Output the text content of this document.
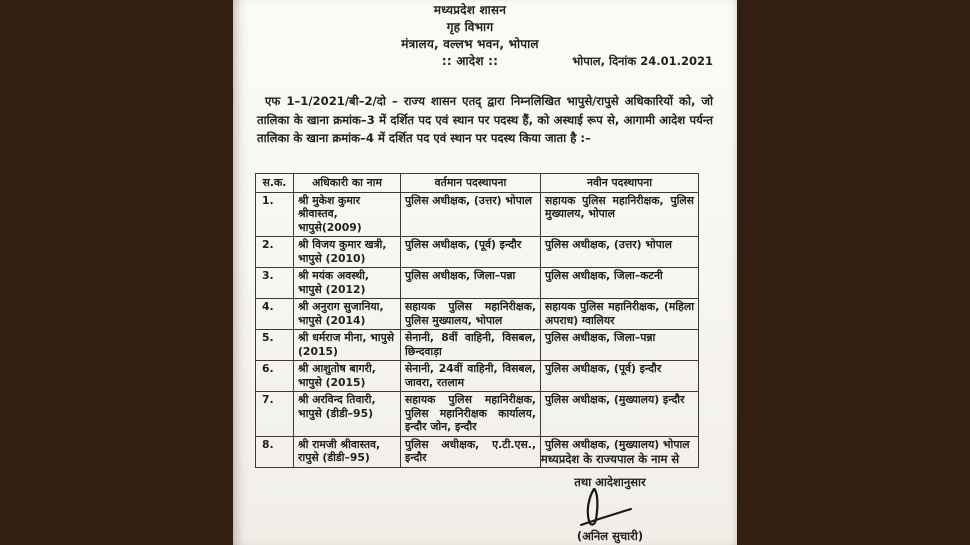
मध्यप्रदेश शासन
गृह विभाग
मंत्रालय, वल्लभ भवन, भोपाल
:: आदेश ::	भोपाल, दिनांक 24.01.2021

एफ 1–1/2021/बी–2/दो – राज्य शासन एतद् द्वारा निम्नलिखित भापुसे/रापुसे अधिकारियों को, जो तालिका के खाना क्रमांक–3 में दर्शित पद एवं स्थान पर पदस्थ हैं, को अस्थाई रूप से, आगामी आदेश पर्यन्त तालिका के खाना क्रमांक–4 में दर्शित पद एवं स्थान पर पदस्थ किया जाता है :–

स.क.	अधिकारी का नाम	वर्तमान पदस्थापना	नवीन पदस्थापना
1.	श्री मुकेश कुमार श्रीवास्तव, भापुसे(2009)	पुलिस अधीक्षक, (उत्तर) भोपाल	सहायक पुलिस महानिरीक्षक, पुलिस मुख्यालय, भोपाल
2.	श्री विजय कुमार खत्री, भापुसे (2010)	पुलिस अधीक्षक, (पूर्व) इन्दौर	पुलिस अधीक्षक, (उत्तर) भोपाल
3.	श्री मयंक अवस्थी, भापुसे (2012)	पुलिस अधीक्षक, जिला–पन्ना	पुलिस अधीक्षक, जिला–कटनी
4.	श्री अनुराग सुजानिया, भापुसे (2014)	सहायक पुलिस महानिरीक्षक, पुलिस मुख्यालय, भोपाल	सहायक पुलिस महानिरीक्षक, (महिला अपराध) ग्वालियर
5.	श्री धर्मराज मीना, भापुसे (2015)	सेनानी, 8वीं वाहिनी, विसबल, छिन्दवाड़ा	पुलिस अधीक्षक, जिला–पन्ना
6.	श्री आशुतोष बागरी, भापुसे (2015)	सेनानी, 24वीं वाहिनी, विसबल, जावरा, रतलाम	पुलिस अधीक्षक, (पूर्व) इन्दौर
7.	श्री अरविन्द तिवारी, भापुसे (डीडी–95)	सहायक पुलिस महानिरीक्षक, पुलिस महानिरीक्षक कार्यालय, इन्दौर जोन, इन्दौर	पुलिस अधीक्षक, (मुख्यालय) इन्दौर
8.	श्री रामजी श्रीवास्तव, रापुसे (डीडी–95)	पुलिस अधीक्षक, ए.टी.एस., इन्दौर	पुलिस अधीक्षक, (मुख्यालय) भोपाल
मध्यप्रदेश के राज्यपाल के नाम से
तथा आदेशानुसार
(अनिल सुचारी)
